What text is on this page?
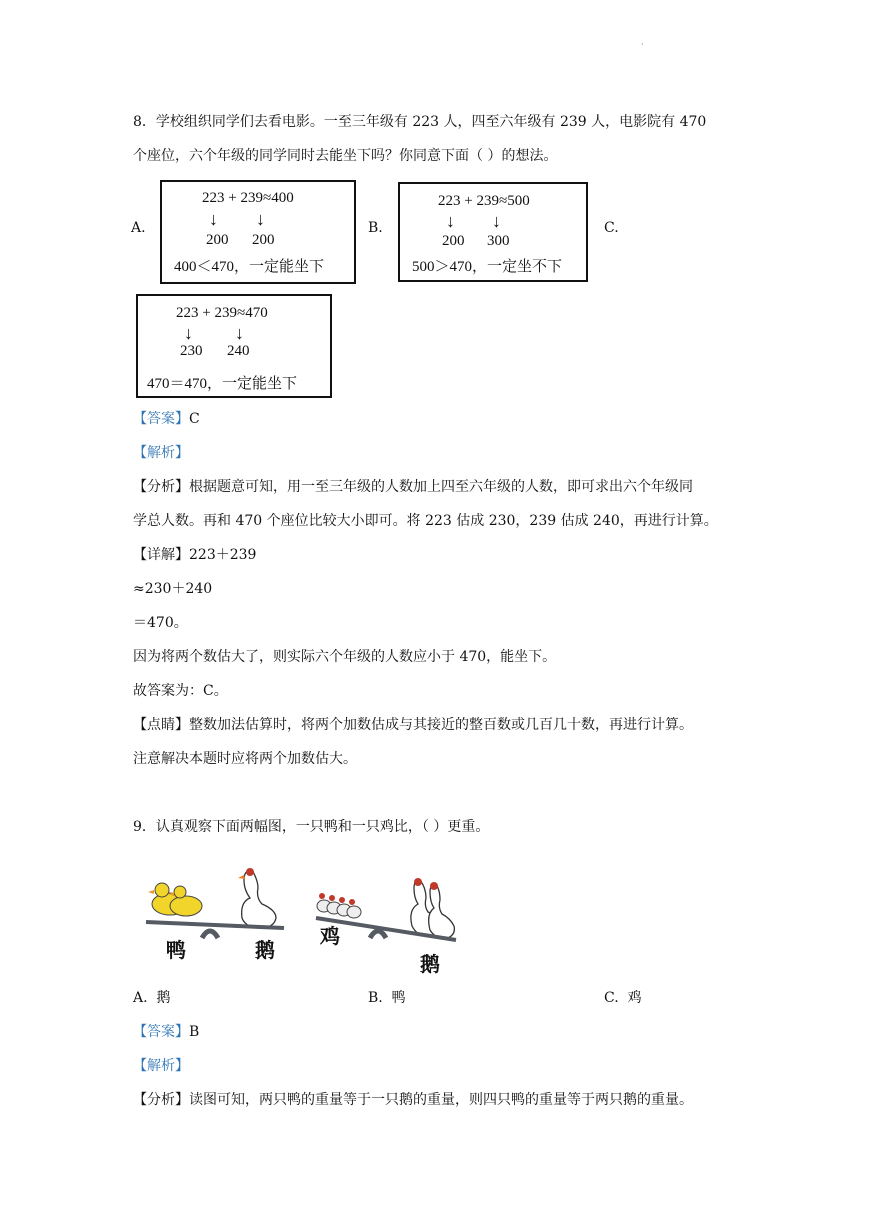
·
8．学校组织同学们去看电影。一至三年级有 223 人，四至六年级有 239 人，电影院有 470
个座位，六个年级的同学同时去能坐下吗？你同意下面（ ）的想法。
A.
223 + 239≈400
↓ ↓
200 200
400＜470，一定能坐下
B.
223 + 239≈500
↓ ↓
200 300
500＞470，一定坐不下
C.
223 + 239≈470
↓ ↓
230 240
470＝470，一定能坐下
【答案】C
【解析】
【分析】根据题意可知，用一至三年级的人数加上四至六年级的人数，即可求出六个年级同
学总人数。再和 470 个座位比较大小即可。将 223 估成 230，239 估成 240，再进行计算。
【详解】223＋239
≈230＋240
＝470。
因为将两个数估大了，则实际六个年级的人数应小于 470，能坐下。
故答案为：C。
【点睛】整数加法估算时，将两个加数估成与其接近的整百数或几百几十数，再进行计算。
注意解决本题时应将两个加数估大。
9．认真观察下面两幅图，一只鸭和一只鸡比，（ ）更重。
鸭	鹅
鸡
鹅
A. 鹅	B. 鸭	C. 鸡
【答案】B
【解析】
【分析】读图可知，两只鸭的重量等于一只鹅的重量，则四只鸭的重量等于两只鹅的重量。
